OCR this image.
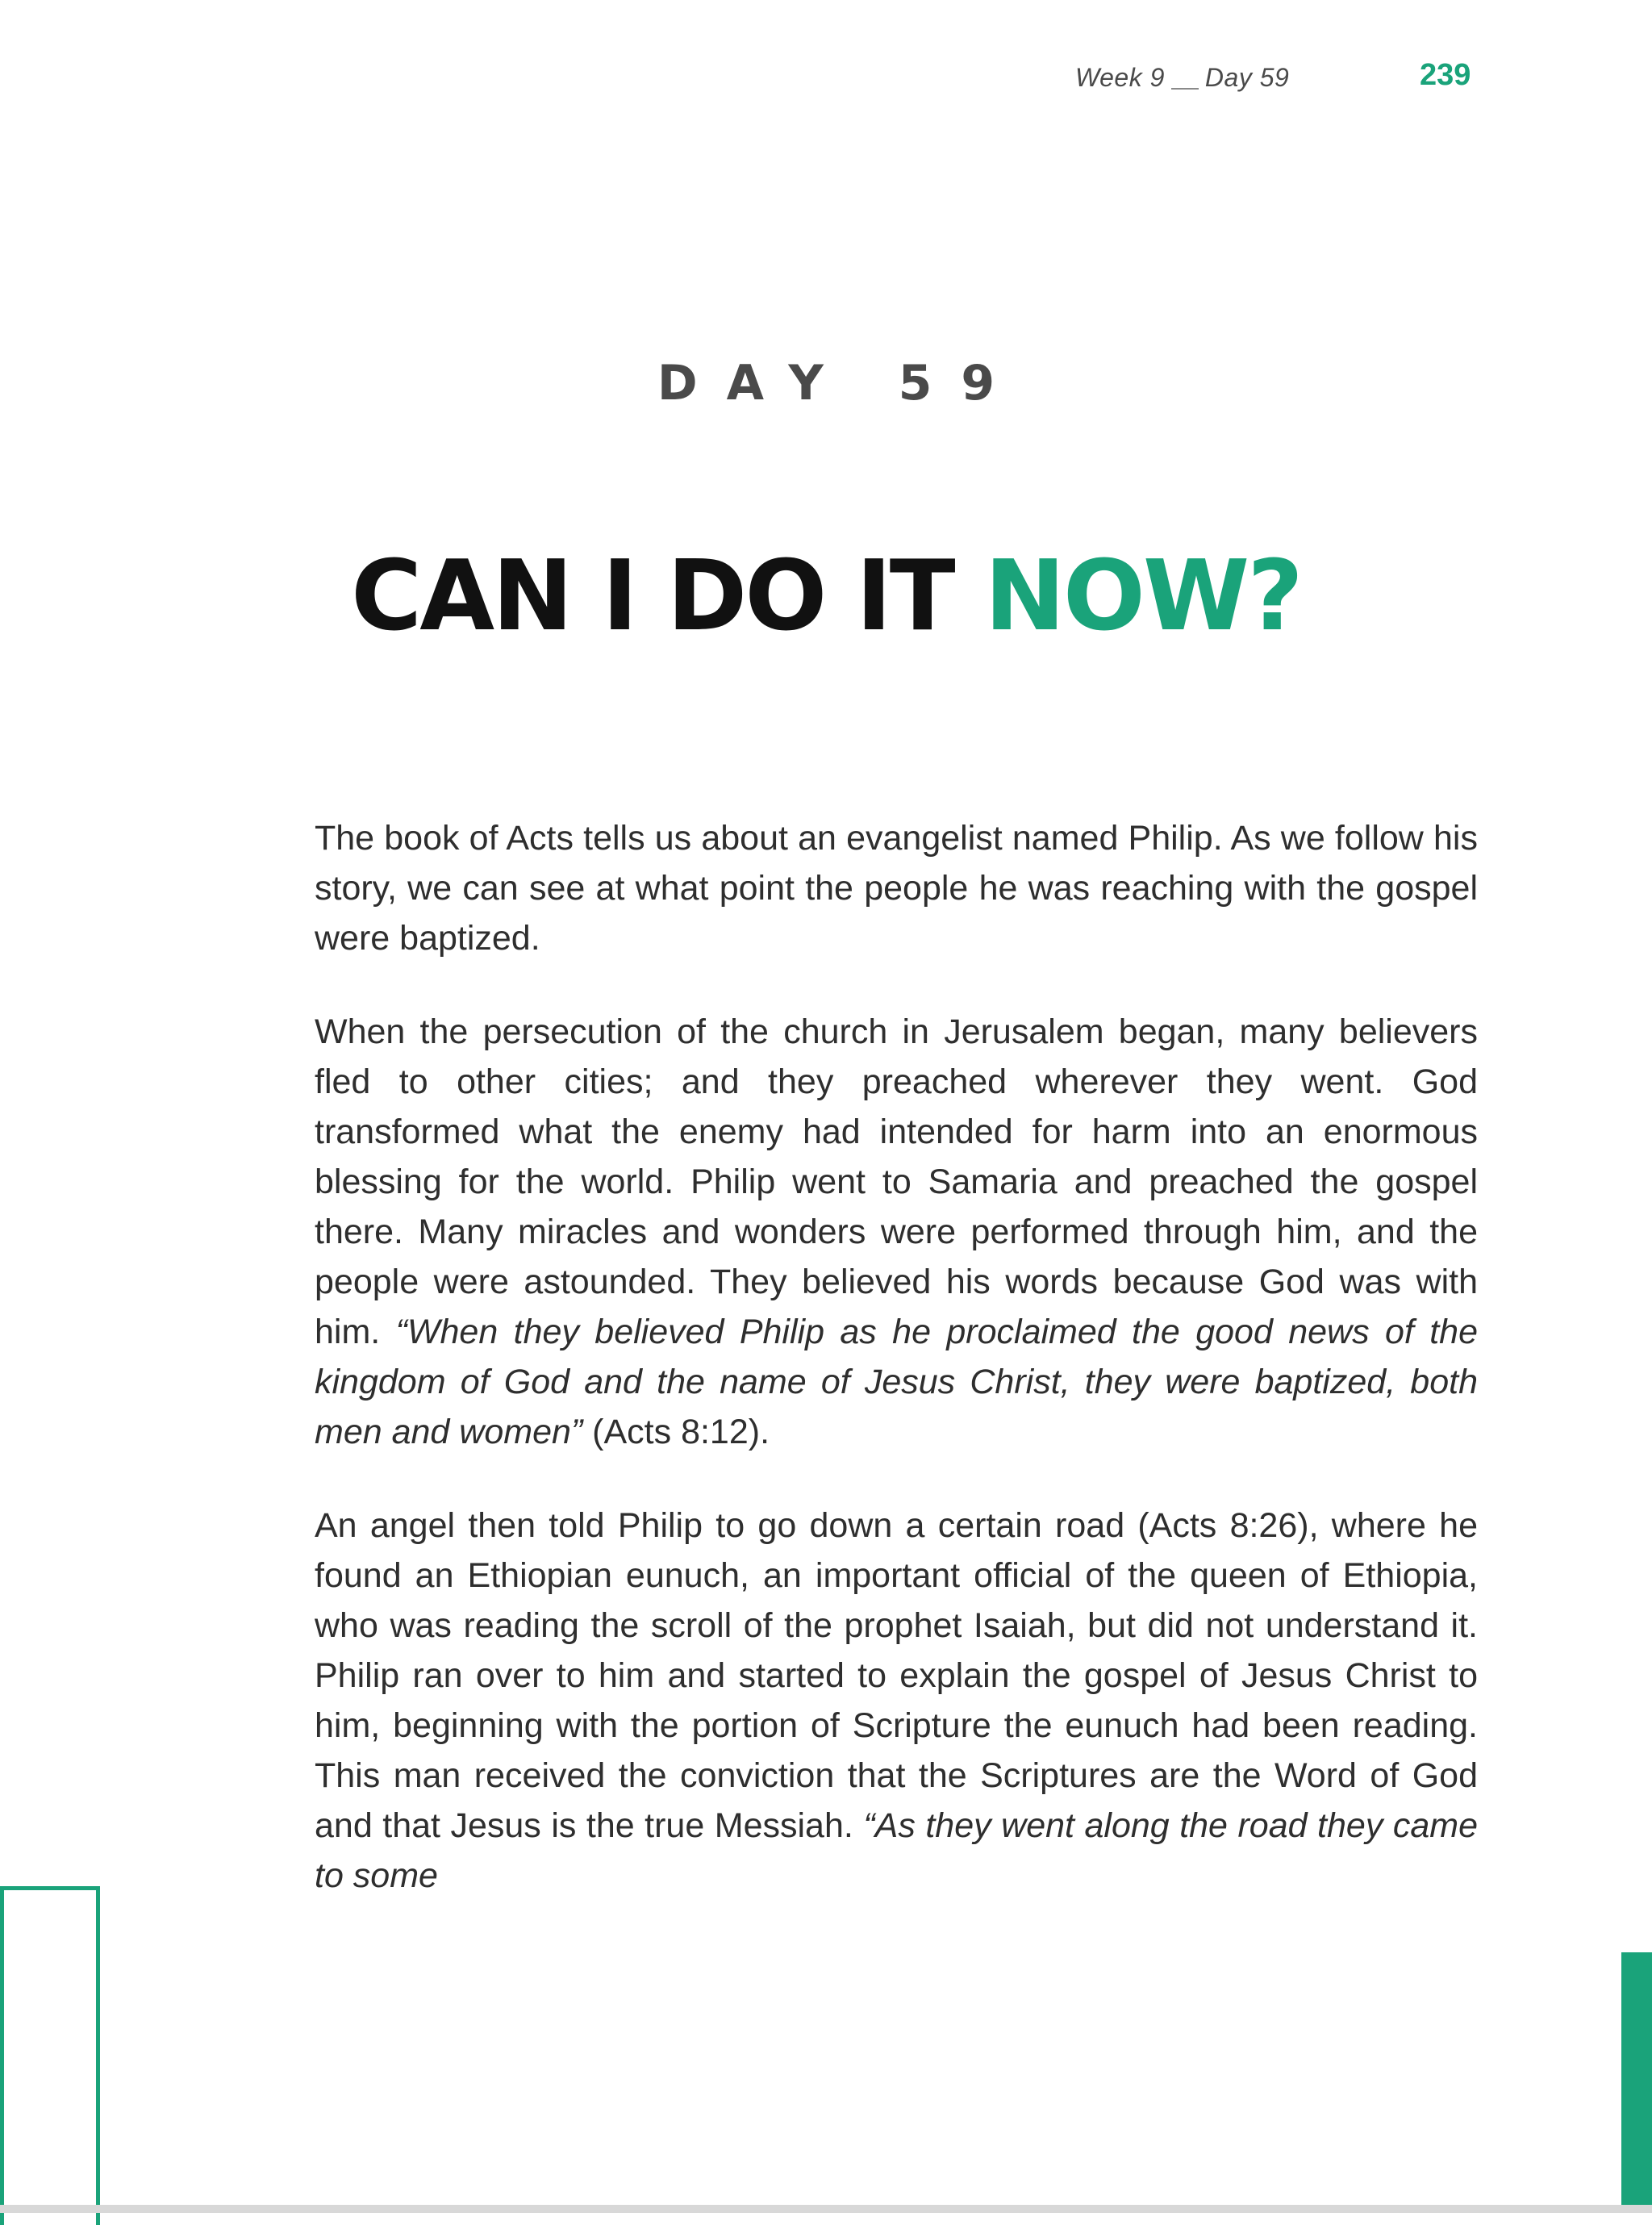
Week 9 Day 59	239
DAY 59
CAN I DO IT NOW?

The book of Acts tells us about an evangelist named Philip. As we follow his story, we can see at what point the people he was reaching with the gospel were baptized.

When the persecution of the church in Jerusalem began, many believers fled to other cities; and they preached wherever they went. God transformed what the enemy had intended for harm into an enormous blessing for the world. Philip went to Samaria and preached the gospel there. Many miracles and wonders were performed through him, and the people were astounded. They believed his words because God was with him. “When they believed Philip as he proclaimed the good news of the kingdom of God and the name of Jesus Christ, they were baptized, both men and women” (Acts 8:12).

An angel then told Philip to go down a certain road (Acts 8:26), where he found an Ethiopian eunuch, an important official of the queen of Ethiopia, who was reading the scroll of the prophet Isaiah, but did not understand it. Philip ran over to him and started to explain the gospel of Jesus Christ to him, beginning with the portion of Scripture the eunuch had been reading. This man received the conviction that the Scriptures are the Word of God and that Jesus is the true Messiah. “As they went along the road they came to some
